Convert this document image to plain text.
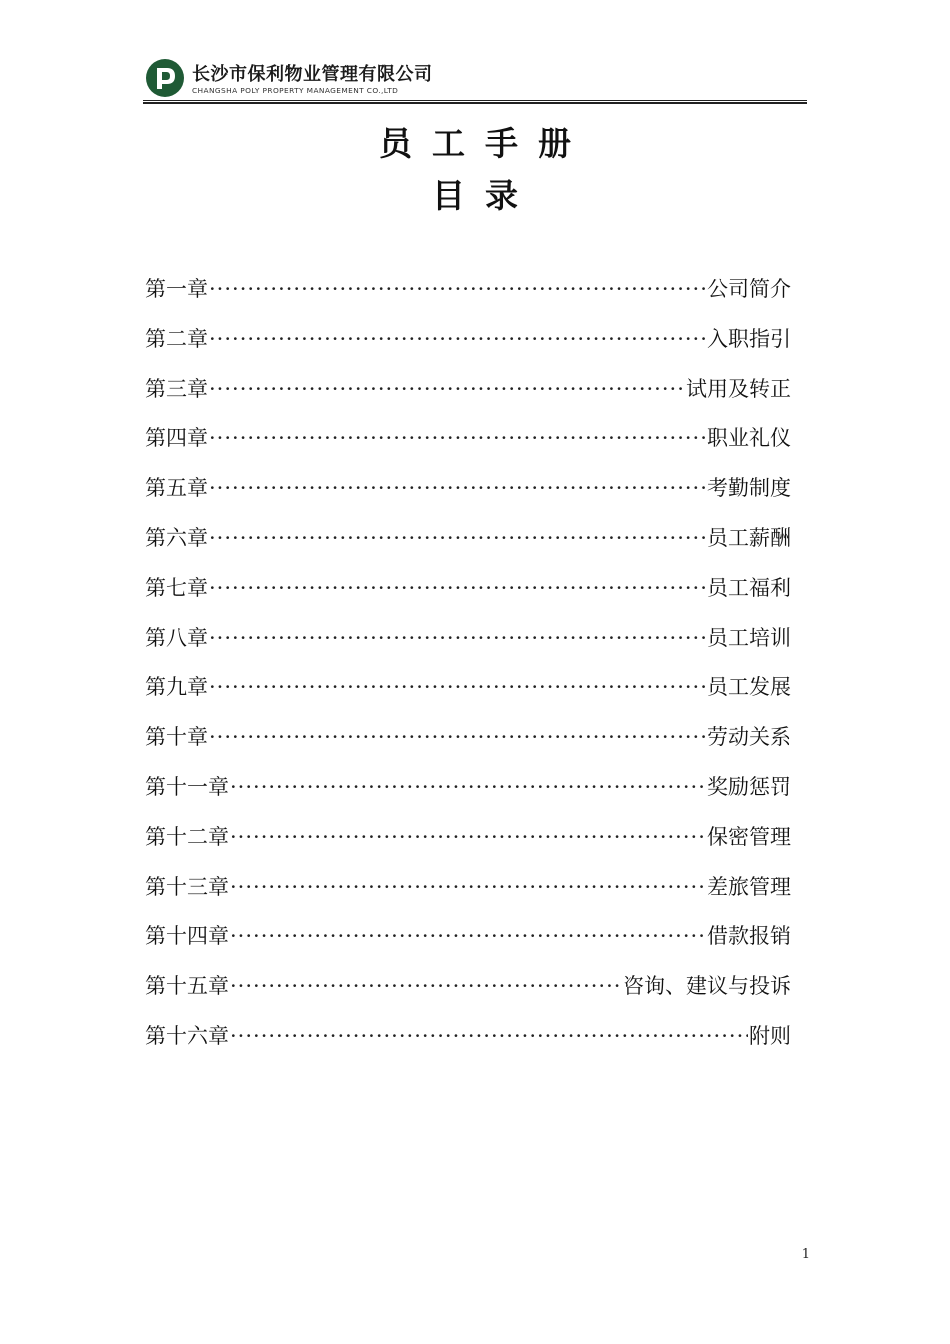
长沙市保利物业管理有限公司
CHANGSHA POLY PROPERTY MANAGEMENT CO.,LTD
员工手册
目录
第一章 ·····	公司简介
第二章 ·····	入职指引
第三章 ·····	试用及转正
第四章 ·····	职业礼仪
第五章 ·····	考勤制度
第六章 ·····	员工薪酬
第七章 ·····	员工福利
第八章 ·····	员工培训
第九章 ·····	员工发展
第十章 ·····	劳动关系
第十一章 ·····	奖励惩罚
第十二章 ·····	保密管理
第十三章 ·····	差旅管理
第十四章 ·····	借款报销
第十五章 ·····	咨询、建议与投诉
第十六章 ·····	附则
1
